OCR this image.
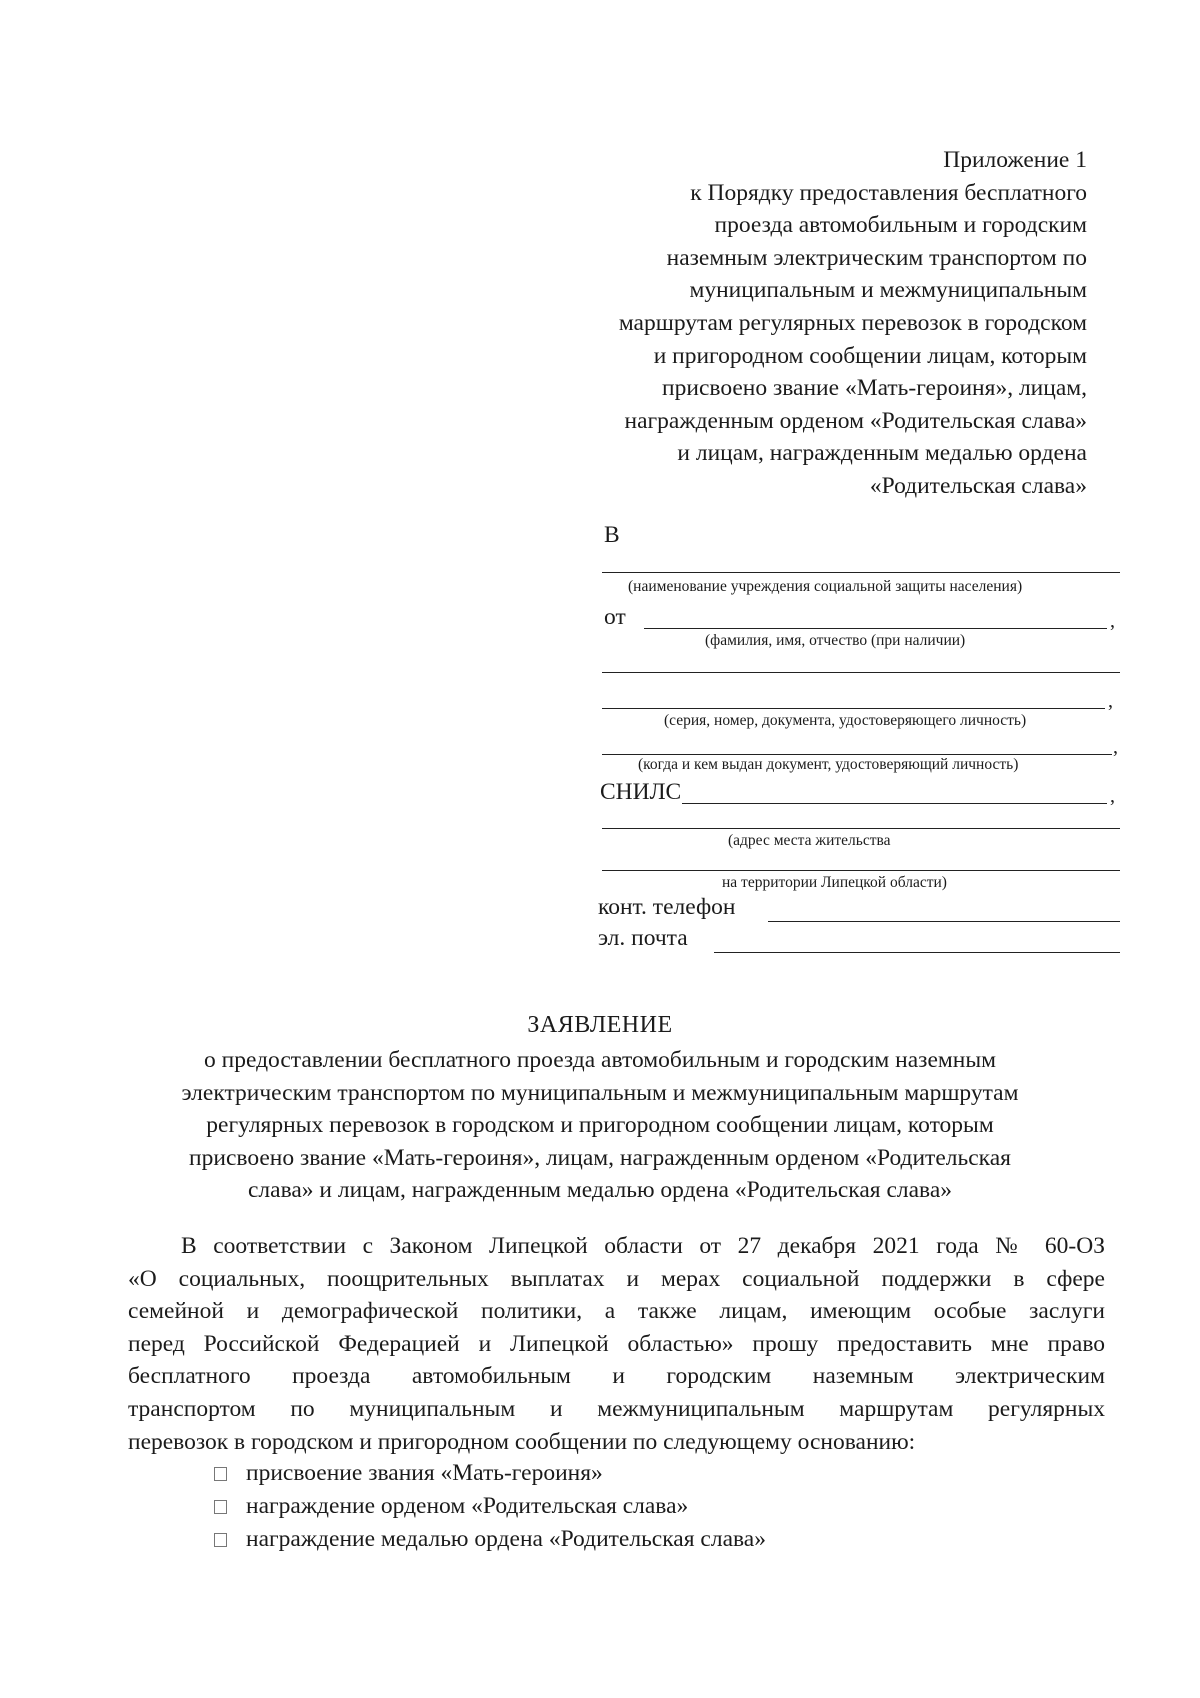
Приложение 1
к Порядку предоставления бесплатного
проезда автомобильным и городским
наземным электрическим транспортом по
муниципальным и межмуниципальным
маршрутам регулярных перевозок в городском
и пригородном сообщении лицам, которым
присвоено звание «Мать-героиня», лицам,
награжденным орденом «Родительская слава»
и лицам, награжденным медалью ордена
«Родительская слава»
В
(наименование учреждения социальной защиты населения)
от	,
(фамилия, имя, отчество (при наличии)
,
(серия, номер, документа, удостоверяющего личность)
,
(когда и кем выдан документ, удостоверяющий личность)
СНИЛС	,
(адрес места жительства
на территории Липецкой области)
конт. телефон
эл. почта
ЗАЯВЛЕНИЕ
о предоставлении бесплатного проезда автомобильным и городским наземным
электрическим транспортом по муниципальным и межмуниципальным маршрутам
регулярных перевозок в городском и пригородном сообщении лицам, которым
присвоено звание «Мать-героиня», лицам, награжденным орденом «Родительская
слава» и лицам, награжденным медалью ордена «Родительская слава»
В соответствии с Законом Липецкой области от 27 декабря 2021 года № 60-ОЗ
«О социальных, поощрительных выплатах и мерах социальной поддержки в сфере
семейной и демографической политики, а также лицам, имеющим особые заслуги
перед Российской Федерацией и Липецкой областью» прошу предоставить мне право
бесплатного проезда автомобильным и городским наземным электрическим
транспортом по муниципальным и межмуниципальным маршрутам регулярных
перевозок в городском и пригородном сообщении по следующему основанию:
присвоение звания «Мать-героиня»
награждение орденом «Родительская слава»
награждение медалью ордена «Родительская слава»
